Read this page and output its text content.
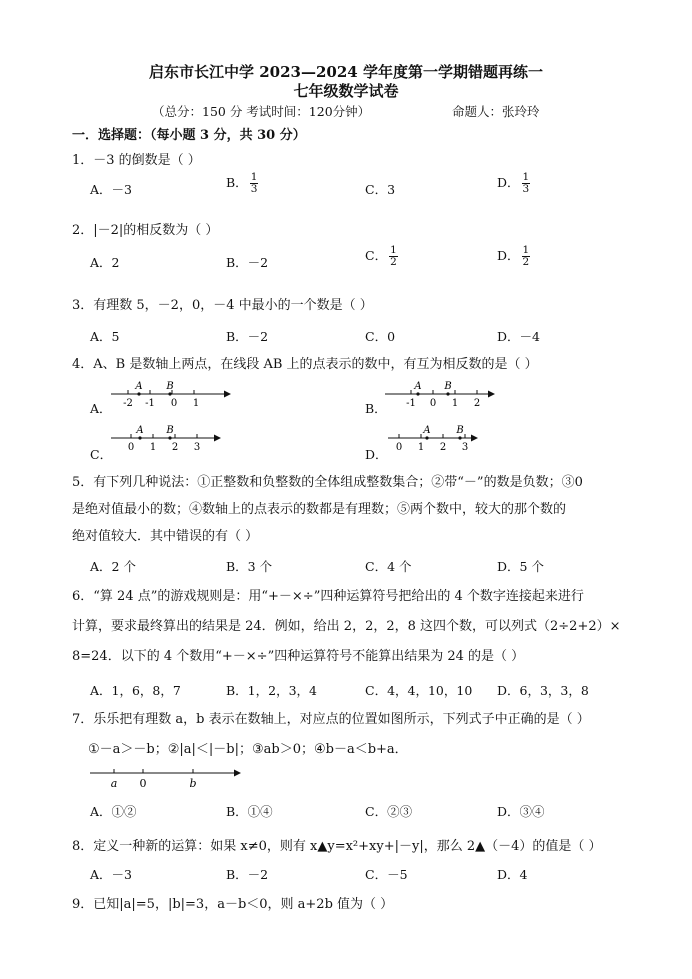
启东市长江中学 2023—2024 学年度第一学期错题再练一
七年级数学试卷
（总分：150 分 考试时间：120分钟）	命题人：张玲玲
一．选择题：（每小题 3 分，共 30 分）
1．－3 的倒数是（ ）
A．－3	B． $\frac{1}{3}$	C．3	D． $\frac{1}{3}$
2．|－2|的相反数为（ ）
A．2	B．－2	C． $\frac{1}{2}$	D． $\frac{1}{2}$
3．有理数 5，－2，0，－4 中最小的一个数是（ ）
A．5	B．－2	C．0	D．－4
4．A、B 是数轴上两点，在线段 AB 上的点表示的数中，有互为相反数的是（ ）
A．
A B
-2 -1 0 1	B．
A B
-1 0 1 2
C．
A B
0 1 2 3	D．
A	B
0 1 2 3
5．有下列几种说法：①正整数和负整数的全体组成整数集合；②带“－”的数是负数；③0
是绝对值最小的数；④数轴上的点表示的数都是有理数；⑤两个数中，较大的那个数的
绝对值较大．其中错误的有（ ）
A．2 个	B．3 个	C．4 个	D．5 个
6．“算 24 点”的游戏规则是：用“+－×÷”四种运算符号把给出的 4 个数字连接起来进行
计算，要求最终算出的结果是 24．例如，给出 2，2，2，8 这四个数，可以列式（2÷2+2）×
8=24．以下的 4 个数用“+－×÷”四种运算符号不能算出结果为 24 的是（ ）
A．1，6，8，7	B．1，2，3，4	C．4，4，10，10 D．6，3，3，8
7．乐乐把有理数 a，b 表示在数轴上，对应点的位置如图所示，下列式子中正确的是（ ）
①－a＞－b；②|a|＜|－b|；③ab＞0；④b－a＜b+a．
a 0	b
A．①②	B．①④	C．②③	D．③④
8．定义一种新的运算：如果 x≠0，则有 x▲y=x²+xy+|－y|，那么 2▲（－4）的值是（ ）
A．－3	B．－2	C．－5	D．4
9．已知|a|=5，|b|=3，a－b＜0，则 a+2b 值为（ ）
